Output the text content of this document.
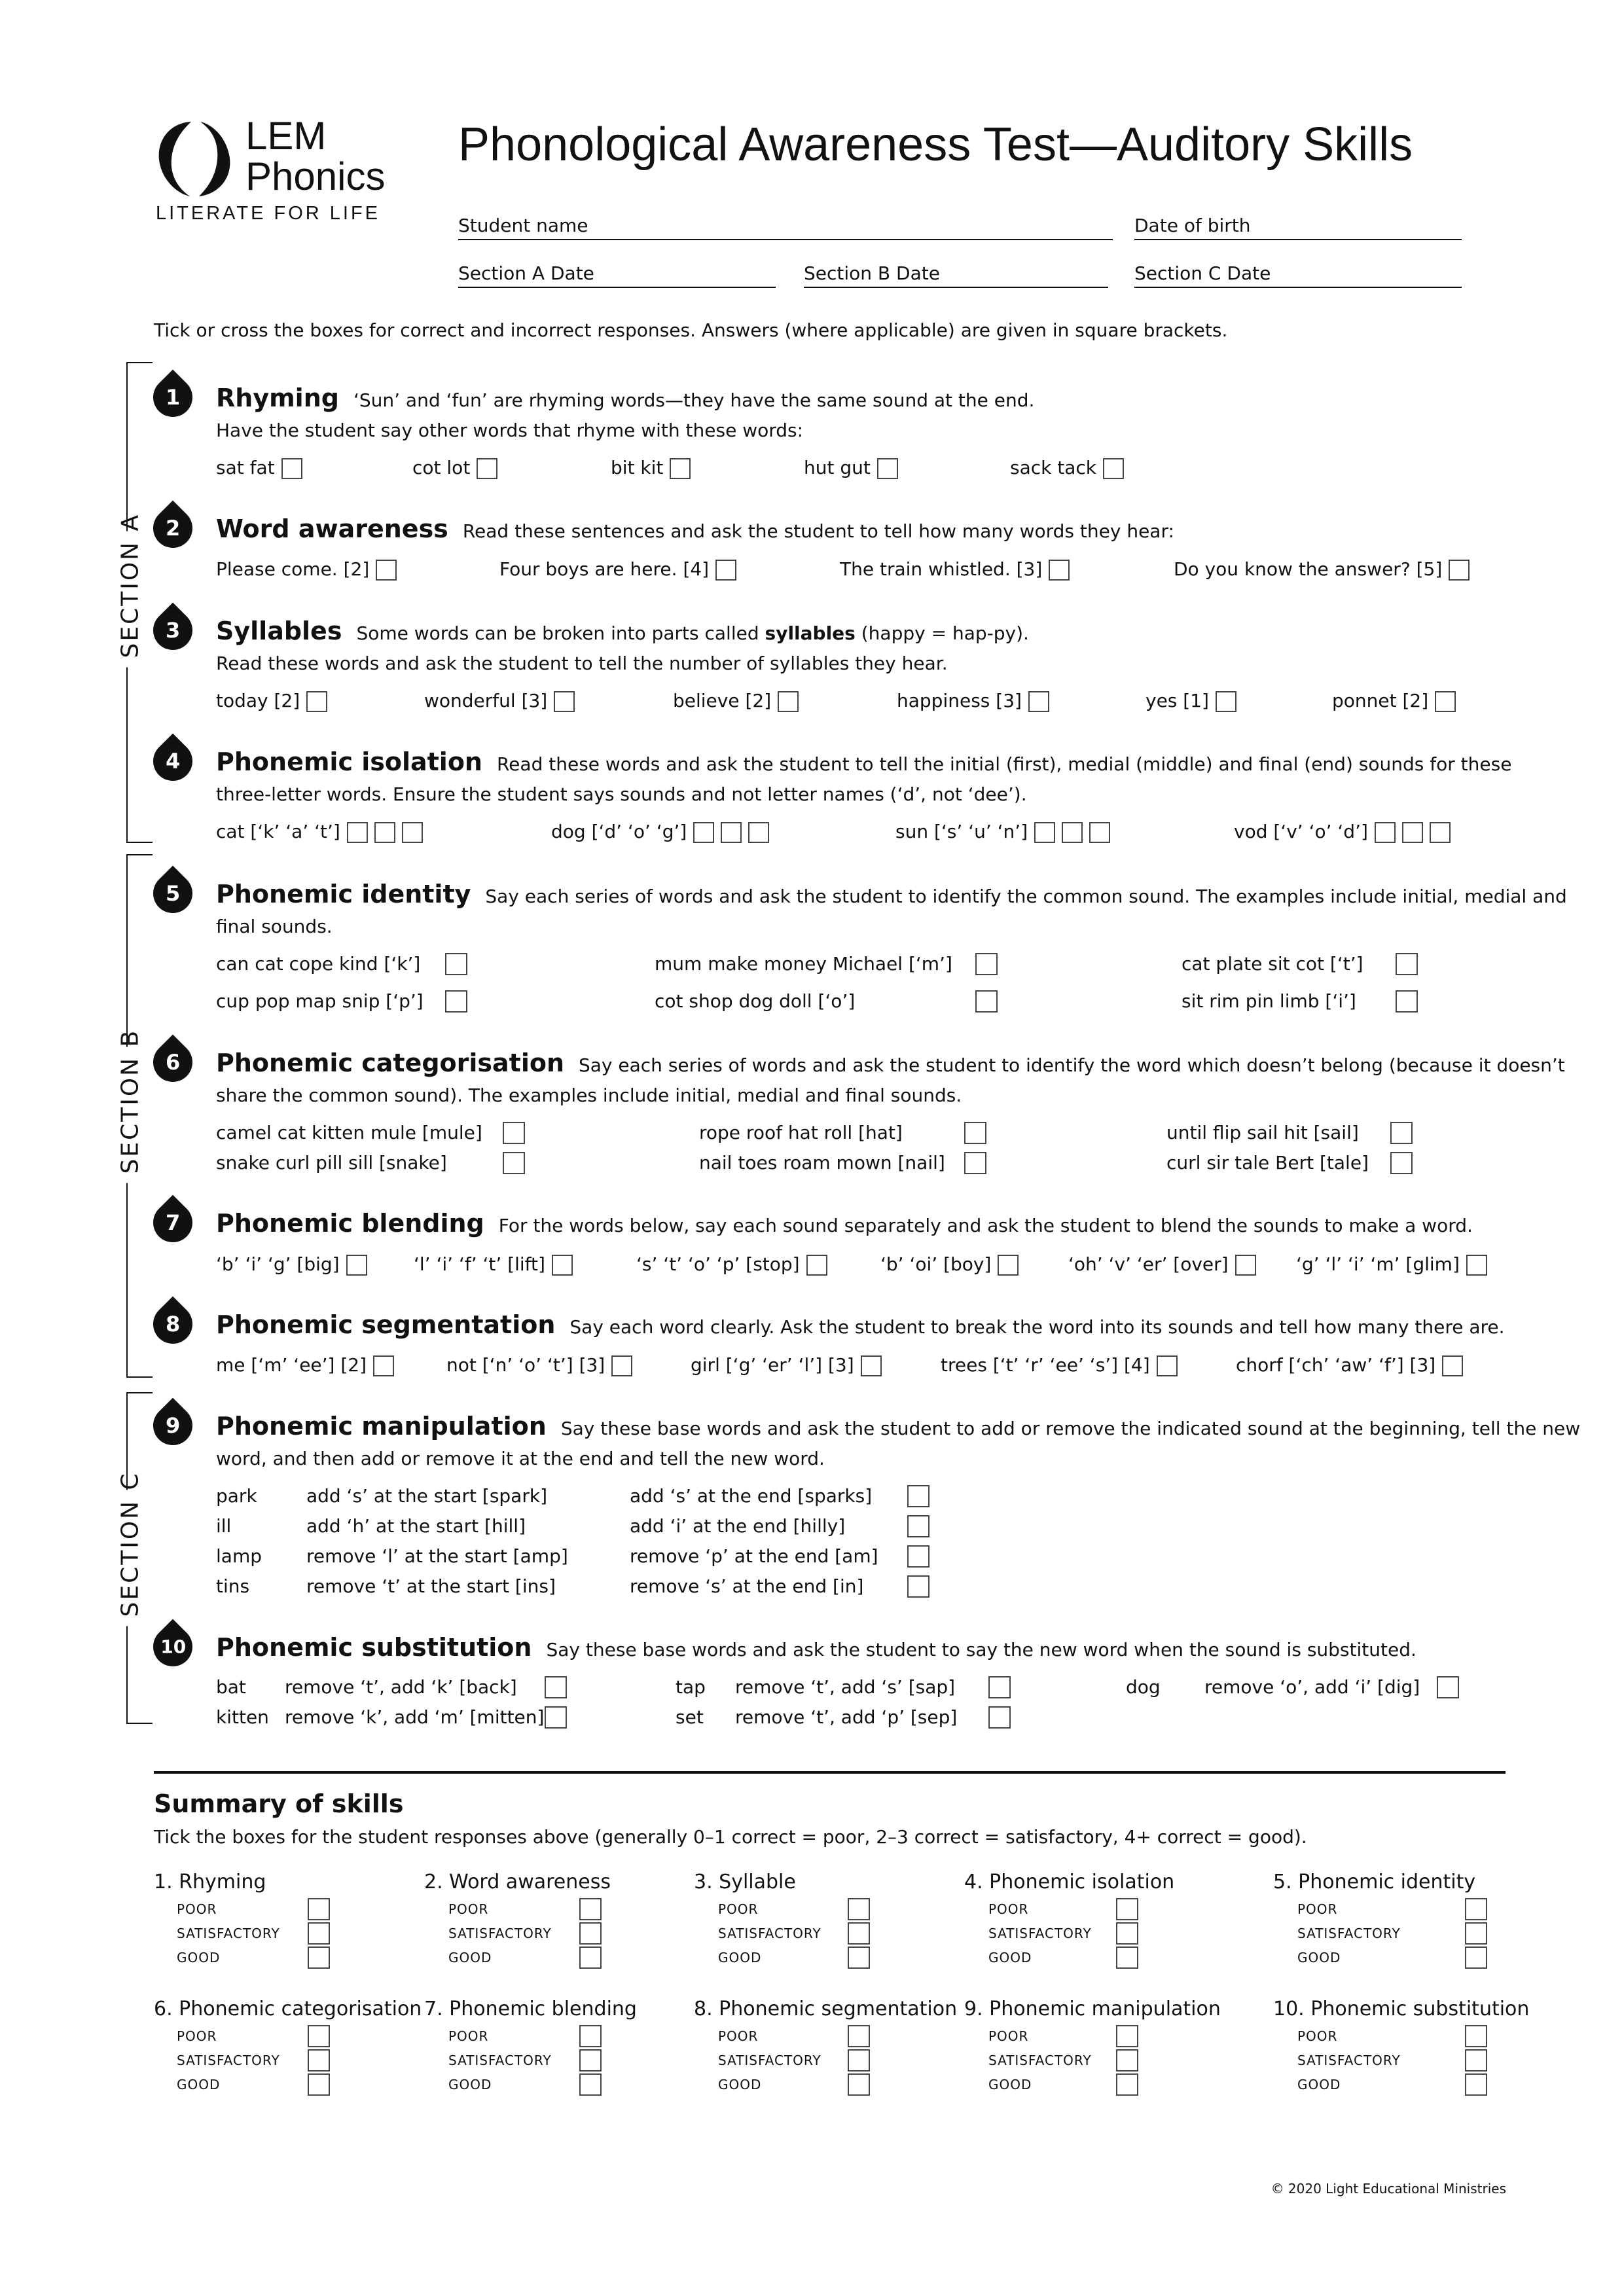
LEM
Phonics
LITERATE FOR LIFE
Phonological Awareness Test—Auditory Skills
Student name	Date of birth
Section A Date	Section B Date	Section C Date
Tick or cross the boxes for correct and incorrect responses. Answers (where applicable) are given in square brackets.
SECTION A
SECTION B
SECTION C
1 Rhyming ‘Sun’ and ‘fun’ are rhyming words—they have the same sound at the end.
Have the student say other words that rhyme with these words:
sat fat	cot lot	bit kit	hut gut	sack tack
2 Word awareness Read these sentences and ask the student to tell how many words they hear:
Please come. [2]	Four boys are here. [4]	The train whistled. [3]	Do you know the answer? [5]
3 Syllables Some words can be broken into parts called syllables (happy = hap-py).
Read these words and ask the student to tell the number of syllables they hear.
today [2]	wonderful [3]	believe [2]	happiness [3]	yes [1]	ponnet [2]
4 Phonemic isolation Read these words and ask the student to tell the initial (first), medial (middle) and final (end) sounds for these
three-letter words. Ensure the student says sounds and not letter names (‘d’, not ‘dee’).
cat [‘k’ ‘a’ ‘t’]	dog [‘d’ ‘o’ ‘g’]	sun [‘s’ ‘u’ ‘n’]	vod [‘v’ ‘o’ ‘d’]
5 Phonemic identity Say each series of words and ask the student to identify the common sound. The examples include initial, medial and
final sounds.
can cat cope kind [‘k’]	mum make money Michael [‘m’]	cat plate sit cot [‘t’]
cup pop map snip [‘p’]	cot shop dog doll [‘o’]	sit rim pin limb [‘i’]
6 Phonemic categorisation Say each series of words and ask the student to identify the word which doesn’t belong (because it doesn’t
share the common sound). The examples include initial, medial and final sounds.
camel cat kitten mule [mule]	rope roof hat roll [hat]	until flip sail hit [sail]
snake curl pill sill [snake]	nail toes roam mown [nail]	curl sir tale Bert [tale]
7 Phonemic blending For the words below, say each sound separately and ask the student to blend the sounds to make a word.
‘b’ ‘i’ ‘g’ [big]	‘l’ ‘i’ ‘f’ ‘t’ [lift]	‘s’ ‘t’ ‘o’ ‘p’ [stop]	‘b’ ‘oi’ [boy]	‘oh’ ‘v’ ‘er’ [over]	‘g’ ‘l’ ‘i’ ‘m’ [glim]
8 Phonemic segmentation Say each word clearly. Ask the student to break the word into its sounds and tell how many there are.
me [‘m’ ‘ee’] [2]	not [‘n’ ‘o’ ‘t’] [3]	girl [‘g’ ‘er’ ‘l’] [3]	trees [‘t’ ‘r’ ‘ee’ ‘s’] [4]	chorf [‘ch’ ‘aw’ ‘f’] [3]
9 Phonemic manipulation Say these base words and ask the student to add or remove the indicated sound at the beginning, tell the new
word, and then add or remove it at the end and tell the new word.
park	add ‘s’ at the start [spark]	add ‘s’ at the end [sparks]
ill	add ‘h’ at the start [hill]	add ‘i’ at the end [hilly]
lamp remove ‘l’ at the start [amp]	remove ‘p’ at the end [am]
tins	remove ‘t’ at the start [ins]	remove ‘s’ at the end [in]
10 Phonemic substitution Say these base words and ask the student to say the new word when the sound is substituted.
bat remove ‘t’, add ‘k’ [back]	tap remove ‘t’, add ‘s’ [sap]	dog remove ‘o’, add ‘i’ [dig]
kitten remove ‘k’, add ‘m’ [mitten]	set remove ‘t’, add ‘p’ [sep]
Summary of skills
Tick the boxes for the student responses above (generally 0–1 correct = poor, 2–3 correct = satisfactory, 4+ correct = good).
1. Rhyming
POOR
SATISFACTORY
GOOD
2. Word awareness
POOR
SATISFACTORY
GOOD
3. Syllable
POOR
SATISFACTORY
GOOD
4. Phonemic isolation
POOR
SATISFACTORY
GOOD
5. Phonemic identity
POOR
SATISFACTORY
GOOD
6. Phonemic categorisation
POOR
SATISFACTORY
GOOD
7. Phonemic blending
POOR
SATISFACTORY
GOOD
8. Phonemic segmentation
POOR
SATISFACTORY
GOOD
9. Phonemic manipulation
POOR
SATISFACTORY
GOOD
10. Phonemic substitution
POOR
SATISFACTORY
GOOD
© 2020 Light Educational Ministries
